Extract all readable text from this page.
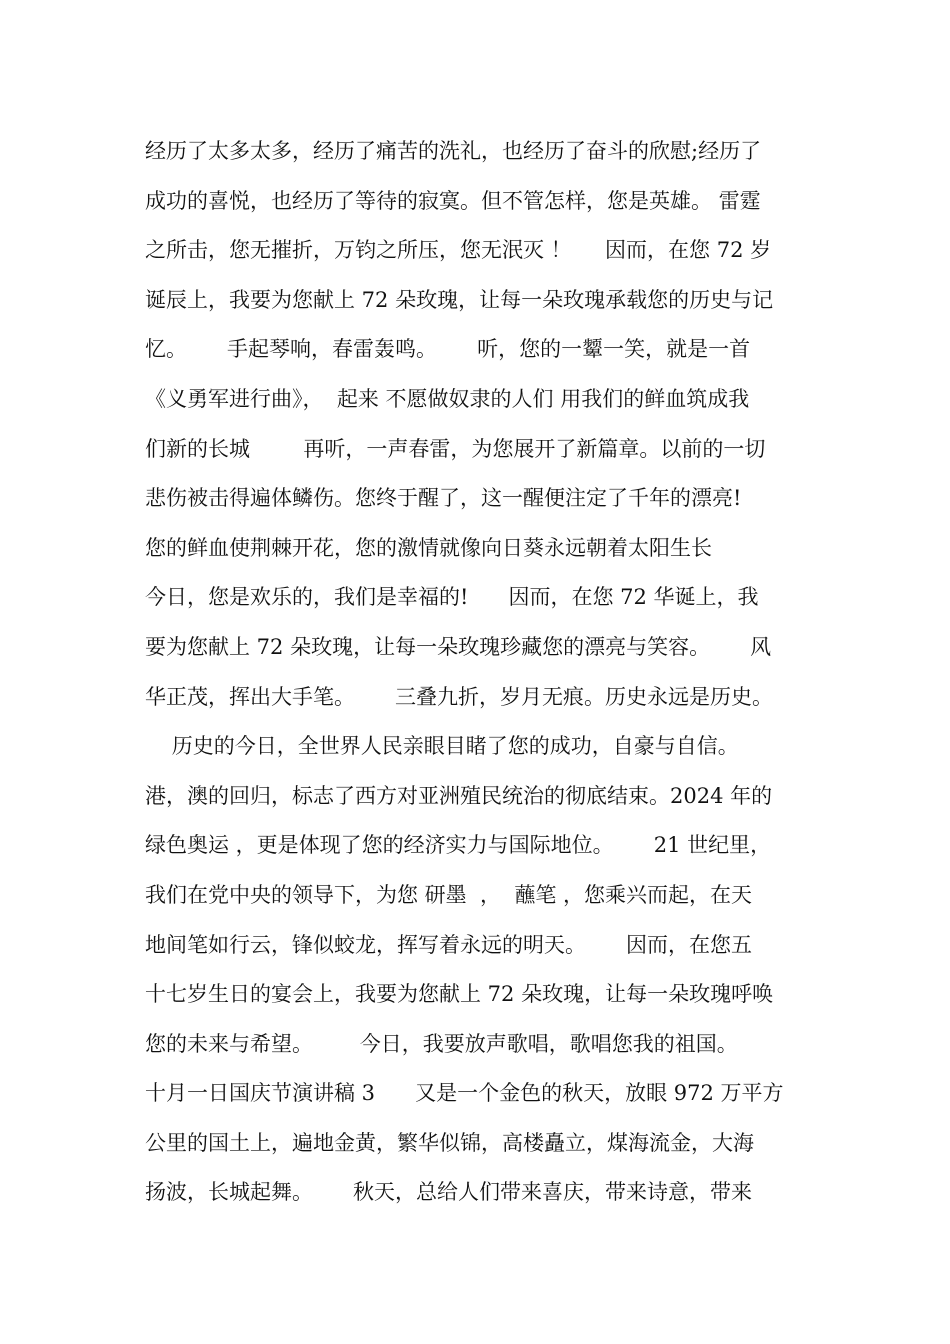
经历了太多太多，经历了痛苦的洗礼，也经历了奋斗的欣慰;经历了
成功的喜悦，也经历了等待的寂寞。但不管怎样，您是英雄。 雷霆
之所击，您无摧折，万钧之所压，您无泯灭 ！     因而，在您 72 岁
诞辰上，我要为您献上 72 朵玫瑰，让每一朵玫瑰承载您的历史与记
忆。      手起琴响，春雷轰鸣。      听，您的一颦一笑，就是一首
《义勇军进行曲》，  起来 不愿做奴隶的人们 用我们的鲜血筑成我
们新的长城        再听，一声春雷，为您展开了新篇章。以前的一切
悲伤被击得遍体鳞伤。您终于醒了，这一醒便注定了千年的漂亮!
您的鲜血使荆棘开花，您的激情就像向日葵永远朝着太阳生长
今日，您是欢乐的，我们是幸福的!      因而，在您 72 华诞上，我
要为您献上 72 朵玫瑰，让每一朵玫瑰珍藏您的漂亮与笑容。      风
华正茂，挥出大手笔。      三叠九折，岁月无痕。历史永远是历史。
历史的今日，全世界人民亲眼目睹了您的成功，自豪与自信。
港，澳的回归，标志了西方对亚洲殖民统治的彻底结束。2024 年的
绿色奥运 ，更是体现了您的经济实力与国际地位。      21 世纪里，
我们在党中央的领导下，为您 研墨  ，  蘸笔 ，您乘兴而起，在天
地间笔如行云，锋似蛟龙，挥写着永远的明天。      因而，在您五
十七岁生日的宴会上，我要为您献上 72 朵玫瑰，让每一朵玫瑰呼唤
您的未来与希望。       今日，我要放声歌唱，歌唱您我的祖国。
十月一日国庆节演讲稿 3      又是一个金色的秋天，放眼 972 万平方
公里的国土上，遍地金黄，繁华似锦，高楼矗立，煤海流金，大海
扬波，长城起舞。      秋天，总给人们带来喜庆，带来诗意，带来
